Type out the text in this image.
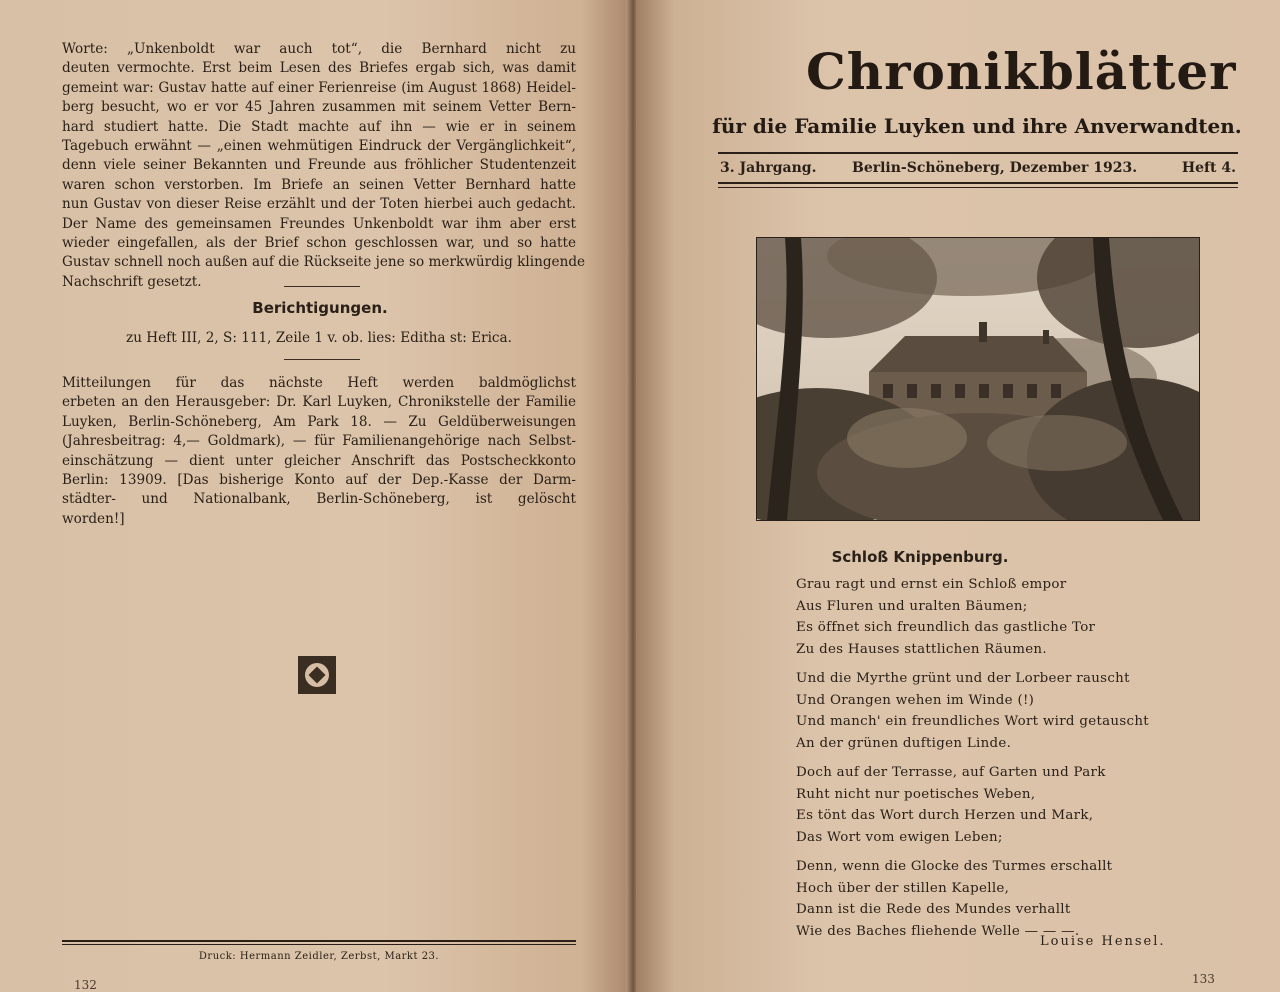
Worte: „Unkenboldt war auch tot“, die Bernhard nicht zu
deuten vermochte. Erst beim Lesen des Briefes ergab sich, was damit
gemeint war: Gustav hatte auf einer Ferienreise (im August 1868) Heidel-
berg besucht, wo er vor 45 Jahren zusammen mit seinem Vetter Bern-
hard studiert hatte. Die Stadt machte auf ihn — wie er in seinem
Tagebuch erwähnt — „einen wehmütigen Eindruck der Vergänglichkeit“,
denn viele seiner Bekannten und Freunde aus fröhlicher Studentenzeit
waren schon verstorben. Im Briefe an seinen Vetter Bernhard hatte
nun Gustav von dieser Reise erzählt und der Toten hierbei auch gedacht.
Der Name des gemeinsamen Freundes Unkenboldt war ihm aber erst
wieder eingefallen, als der Brief schon geschlossen war, und so hatte
Gustav schnell noch außen auf die Rückseite jene so merkwürdig klingende
Nachschrift gesetzt.
Berichtigungen.
zu Heft III, 2, S: 111, Zeile 1 v. ob. lies: Editha st: Erica.
Mitteilungen für das nächste Heft werden baldmöglichst
erbeten an den Herausgeber: Dr. Karl Luyken, Chronikstelle der Familie
Luyken, Berlin-Schöneberg, Am Park 18. — Zu Geldüberweisungen
(Jahresbeitrag: 4,— Goldmark), — für Familienangehörige nach Selbst-
einschätzung — dient unter gleicher Anschrift das Postscheckkonto
Berlin: 13909. [Das bisherige Konto auf der Dep.-Kasse der Darm-
städter- und Nationalbank, Berlin-Schöneberg, ist gelöscht
worden!]
Druck: Hermann Zeidler, Zerbst, Markt 23.
132
Chronikblätter
für die Familie Luyken und ihre Anverwandten.
3. Jahrgang.	Berlin-Schöneberg, Dezember 1923.	Heft 4.
Schloß Knippenburg.
Grau ragt und ernst ein Schloß empor
Aus Fluren und uralten Bäumen;
Es öffnet sich freundlich das gastliche Tor
Zu des Hauses stattlichen Räumen.
Und die Myrthe grünt und der Lorbeer rauscht
Und Orangen wehen im Winde (!)
Und manch' ein freundliches Wort wird getauscht
An der grünen duftigen Linde.
Doch auf der Terrasse, auf Garten und Park
Ruht nicht nur poetisches Weben,
Es tönt das Wort durch Herzen und Mark,
Das Wort vom ewigen Leben;
Denn, wenn die Glocke des Turmes erschallt
Hoch über der stillen Kapelle,
Dann ist die Rede des Mundes verhallt
Wie des Baches fliehende Welle — — —.
Louise Hensel.
133
